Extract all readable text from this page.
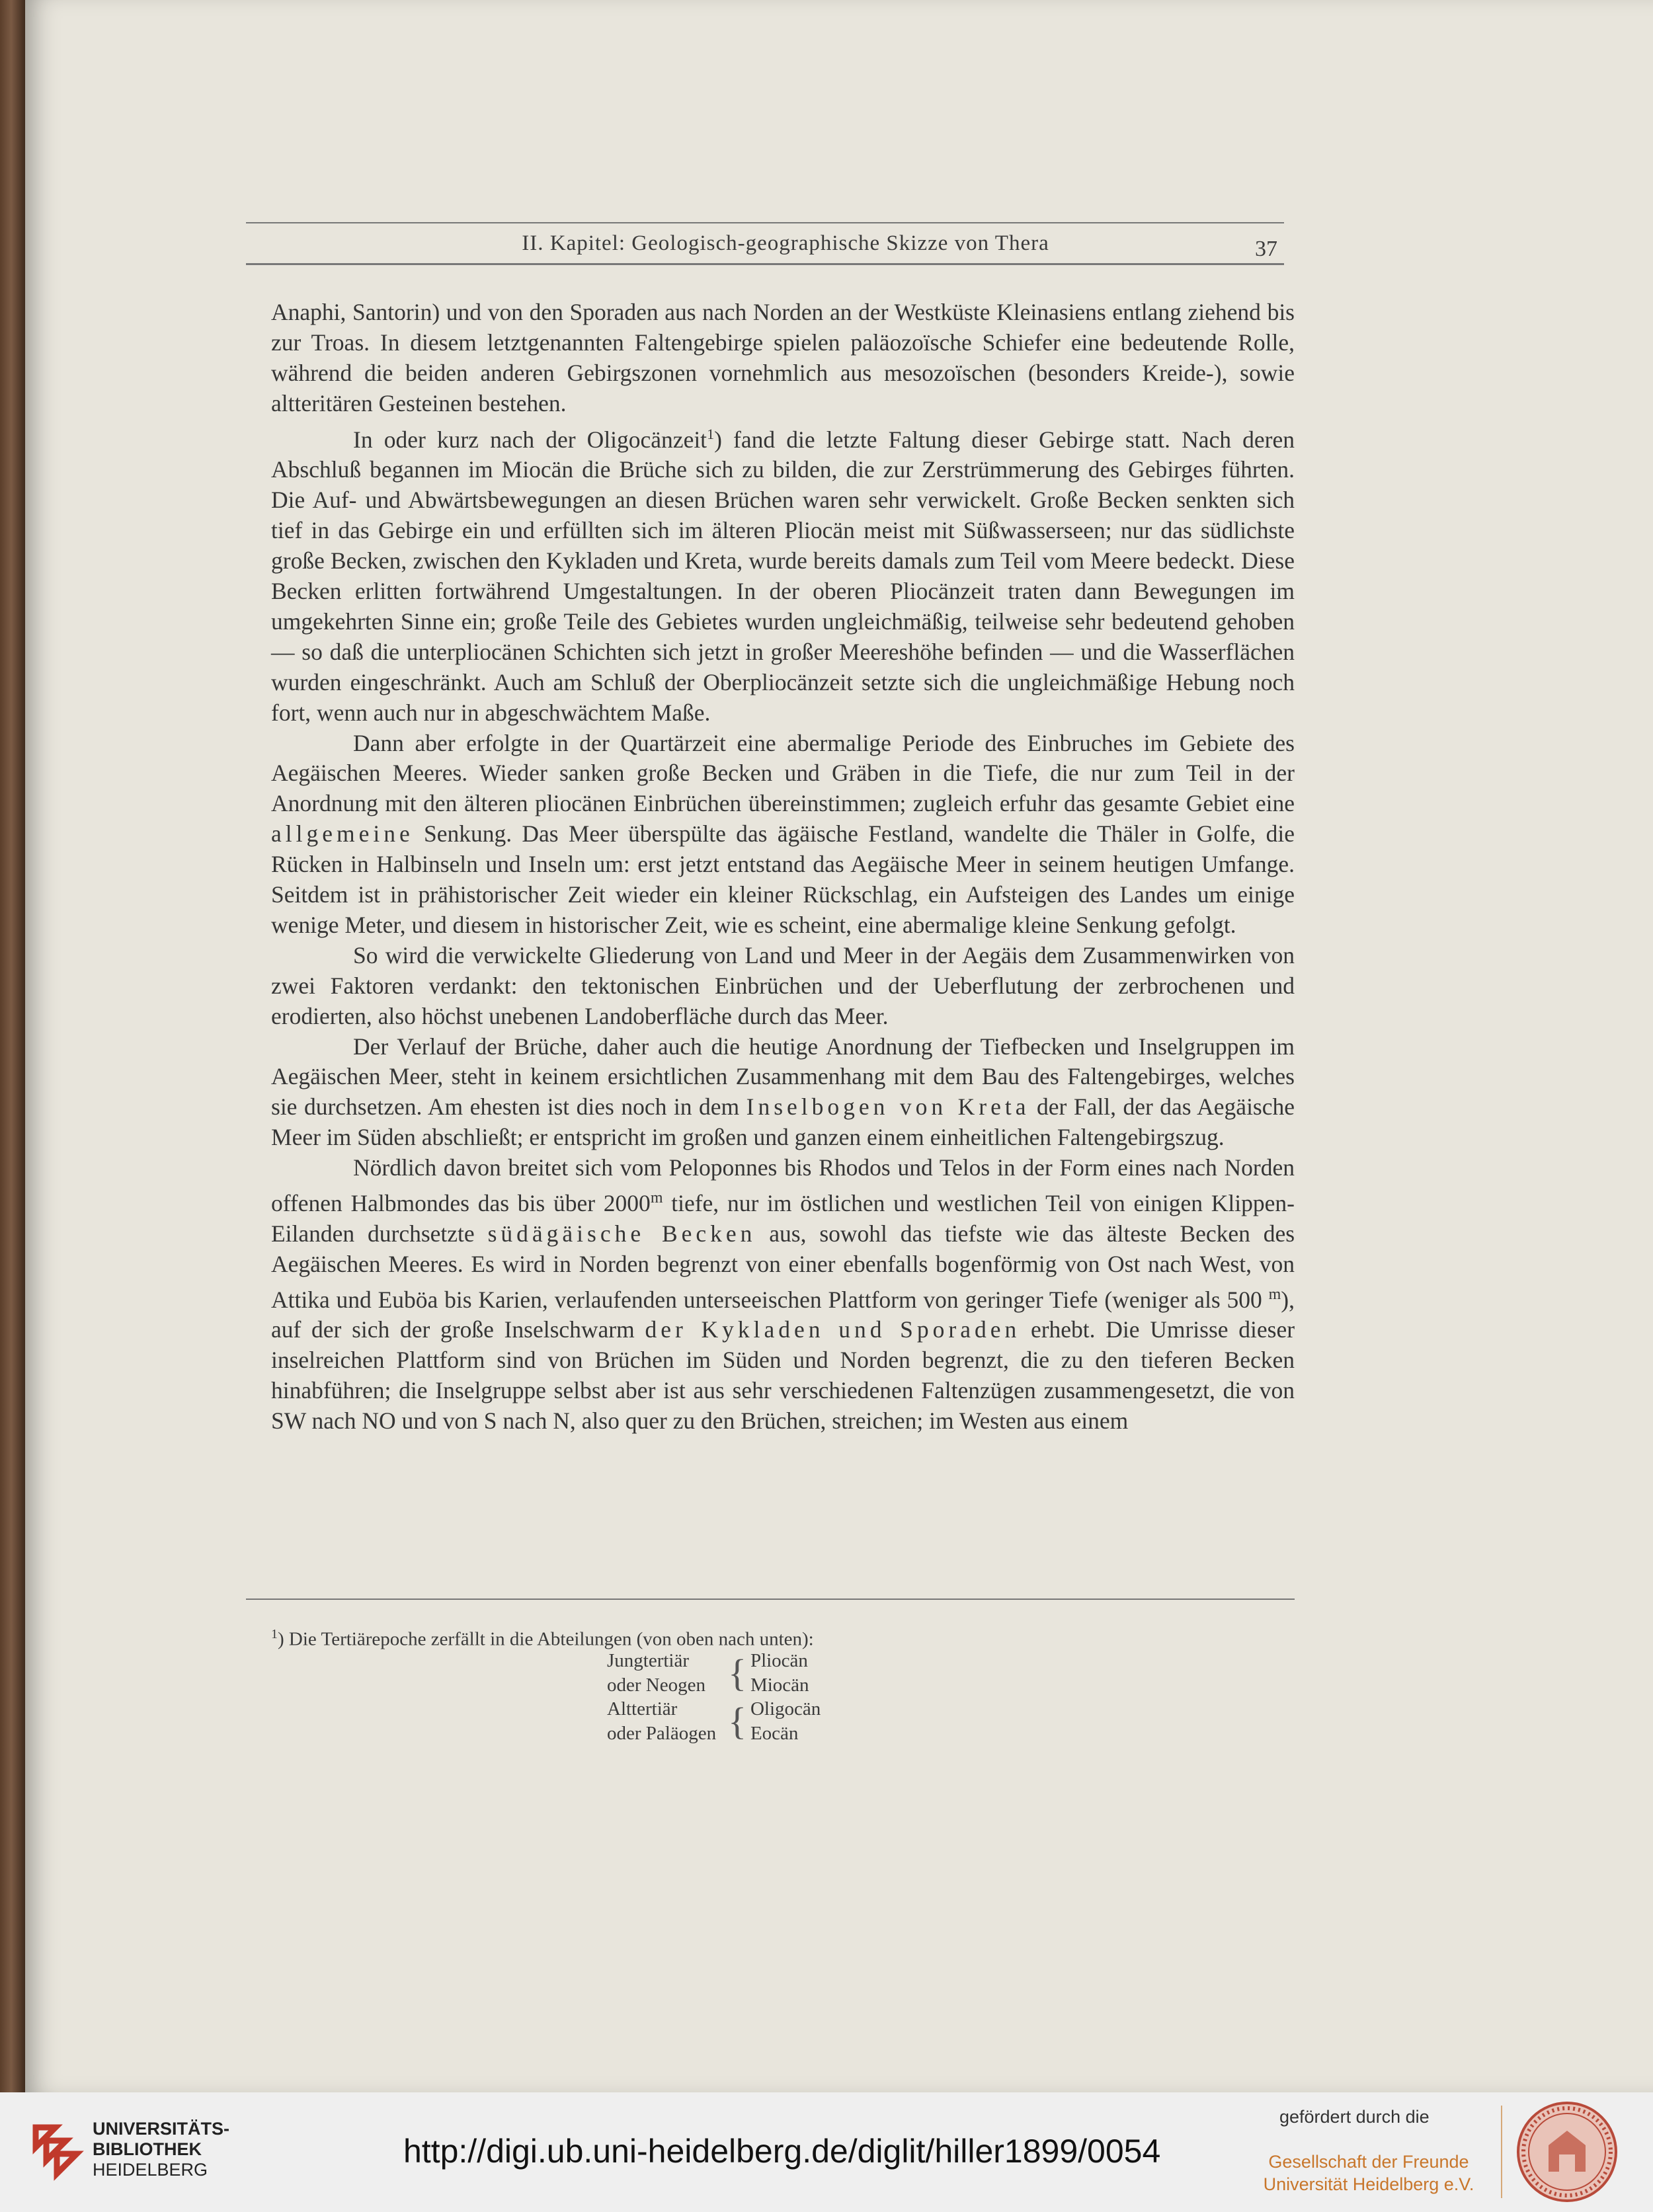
II. Kapitel: Geologisch-geographische Skizze von Thera	37

Anaphi, Santorin) und von den Sporaden aus nach Norden an der Westküste Kleinasiens entlang ziehend bis zur Troas. In diesem letztgenannten Faltengebirge spielen paläozoïsche Schiefer eine bedeutende Rolle, während die beiden anderen Gebirgszonen vornehmlich aus mesozoïschen (besonders Kreide-), sowie altteritären Gesteinen bestehen.

In oder kurz nach der Oligocänzeit$^1$) fand die letzte Faltung dieser Gebirge statt. Nach deren Abschluß begannen im Miocän die Brüche sich zu bilden, die zur Zerstrümmerung des Gebirges führten. Die Auf- und Abwärtsbewegungen an diesen Brüchen waren sehr verwickelt. Große Becken senkten sich tief in das Gebirge ein und erfüllten sich im älteren Pliocän meist mit Süßwasserseen; nur das südlichste große Becken, zwischen den Kykladen und Kreta, wurde bereits damals zum Teil vom Meere bedeckt. Diese Becken erlitten fortwährend Umgestaltungen. In der oberen Pliocänzeit traten dann Bewegungen im umgekehrten Sinne ein; große Teile des Gebietes wurden ungleichmäßig, teilweise sehr bedeutend gehoben — so daß die unterpliocänen Schichten sich jetzt in großer Meereshöhe befinden — und die Wasserflächen wurden eingeschränkt. Auch am Schluß der Oberpliocänzeit setzte sich die ungleichmäßige Hebung noch fort, wenn auch nur in abgeschwächtem Maße.

Dann aber erfolgte in der Quartärzeit eine abermalige Periode des Einbruches im Gebiete des Aegäischen Meeres. Wieder sanken große Becken und Gräben in die Tiefe, die nur zum Teil in der Anordnung mit den älteren pliocänen Einbrüchen übereinstimmen; zugleich erfuhr das gesamte Gebiet eine allgemeine Senkung. Das Meer überspülte das ägäische Festland, wandelte die Thäler in Golfe, die Rücken in Halbinseln und Inseln um: erst jetzt entstand das Aegäische Meer in seinem heutigen Umfange. Seitdem ist in prähistorischer Zeit wieder ein kleiner Rückschlag, ein Aufsteigen des Landes um einige wenige Meter, und diesem in historischer Zeit, wie es scheint, eine abermalige kleine Senkung gefolgt.

So wird die verwickelte Gliederung von Land und Meer in der Aegäis dem Zusammenwirken von zwei Faktoren verdankt: den tektonischen Einbrüchen und der Ueberflutung der zerbrochenen und erodierten, also höchst unebenen Landoberfläche durch das Meer.

Der Verlauf der Brüche, daher auch die heutige Anordnung der Tiefbecken und Inselgruppen im Aegäischen Meer, steht in keinem ersichtlichen Zusammenhang mit dem Bau des Faltengebirges, welches sie durchsetzen. Am ehesten ist dies noch in dem Inselbogen von Kreta der Fall, der das Aegäische Meer im Süden abschließt; er entspricht im großen und ganzen einem einheitlichen Faltengebirgszug.

Nördlich davon breitet sich vom Peloponnes bis Rhodos und Telos in der Form eines nach Norden offenen Halbmondes das bis über 2000$^m$ tiefe, nur im östlichen und westlichen Teil von einigen Klippen-Eilanden durchsetzte südägäische Becken aus, sowohl das tiefste wie das älteste Becken des Aegäischen Meeres. Es wird in Norden begrenzt von einer ebenfalls bogenförmig von Ost nach West, von Attika und Euböa bis Karien, verlaufenden unterseeischen Plattform von geringer Tiefe (weniger als 500 $^m$), auf der sich der große Inselschwarm der Kykladen und Sporaden erhebt. Die Umrisse dieser inselreichen Plattform sind von Brüchen im Süden und Norden begrenzt, die zu den tieferen Becken hinabführen; die Inselgruppe selbst aber ist aus sehr verschiedenen Faltenzügen zusammengesetzt, die von SW nach NO und von S nach N, also quer zu den Brüchen, streichen; im Westen aus einem

$^1$) Die Tertiärepoche zerfällt in die Abteilungen (von oben nach unten):
Jungtertiär	{	Pliocän
oder Neogen		Miocän
Alttertiär	{	Oligocän
oder Paläogen		Eocän
UNIVERSITÄTS-
BIBLIOTHEK
HEIDELBERG	http://digi.ub.uni-heidelberg.de/diglit/hiller1899/0054
gefördert durch die
Gesellschaft der Freunde
Universität Heidelberg e.V.
